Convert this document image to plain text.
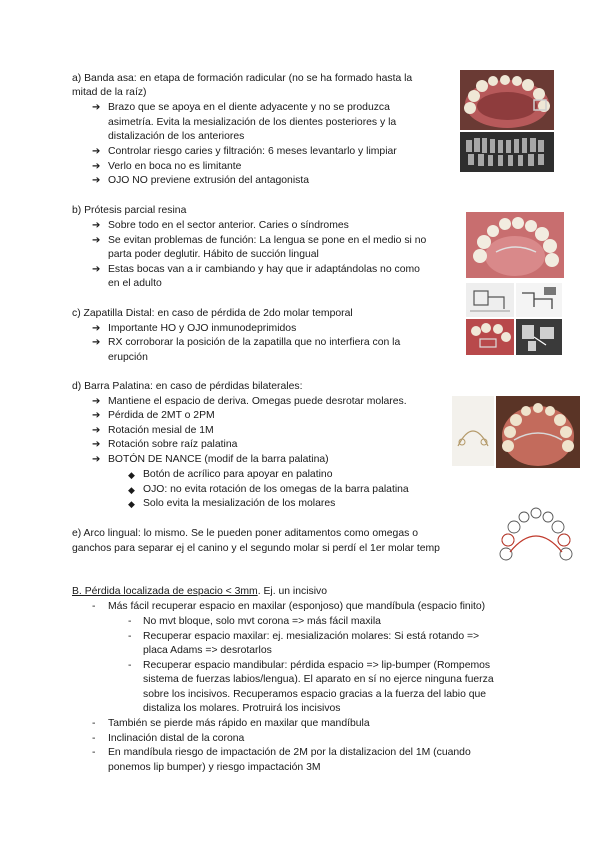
a) Banda asa: en etapa de formación radicular (no se ha formado hasta la
mitad de la raíz)
➔ Brazo que se apoya en el diente adyacente y no se produzca
asimetría. Evita la mesialización de los dientes posteriores y la
distalización de los anteriores
➔ Controlar riesgo caries y filtración: 6 meses levantarlo y limpiar
➔ Verlo en boca no es limitante
➔ OJO NO previene extrusión del antagonista
b) Prótesis parcial resina
➔ Sobre todo en el sector anterior. Caries o síndromes
➔ Se evitan problemas de función: La lengua se pone en el medio si no
parta poder deglutir. Hábito de succión lingual
➔ Estas bocas van a ir cambiando y hay que ir adaptándolas no como
en el adulto
c) Zapatilla Distal: en caso de pérdida de 2do molar temporal
➔ Importante HO y OJO inmunodeprimidos
➔ RX corroborar la posición de la zapatilla que no interfiera con la
erupción
d) Barra Palatina: en caso de pérdidas bilaterales:
➔ Mantiene el espacio de deriva. Omegas puede desrotar molares.
➔ Pérdida de 2MT o 2PM
➔ Rotación mesial de 1M
➔ Rotación sobre raíz palatina
➔ BOTÓN DE NANCE (modif de la barra palatina)
◆ Botón de acrílico para apoyar en palatino
◆ OJO: no evita rotación de los omegas de la barra palatina
◆ Solo evita la mesialización de los molares
e) Arco lingual: lo mismo. Se le pueden poner aditamentos como omegas o
ganchos para separar ej el canino y el segundo molar si perdí el 1er molar temp
B. Pérdida localizada de espacio < 3mm. Ej. un incisivo
- Más fácil recuperar espacio en maxilar (esponjoso) que mandíbula (espacio finito)
- No mvt bloque, solo mvt corona => más fácil maxila
- Recuperar espacio maxilar: ej. mesialización molares: Si está rotando =>
placa Adams => desrotarlos
- Recuperar espacio mandibular: pérdida espacio => lip-bumper (Rompemos
sistema de fuerzas labios/lengua). El aparato en sí no ejerce ninguna fuerza
sobre los incisivos. Recuperamos espacio gracias a la fuerza del labio que
distaliza los molares. Protruirá los incisivos
- También se pierde más rápido en maxilar que mandíbula
- Inclinación distal de la corona
- En mandíbula riesgo de impactación de 2M por la distalizacion del 1M (cuando
ponemos lip bumper) y riesgo impactación 3M
